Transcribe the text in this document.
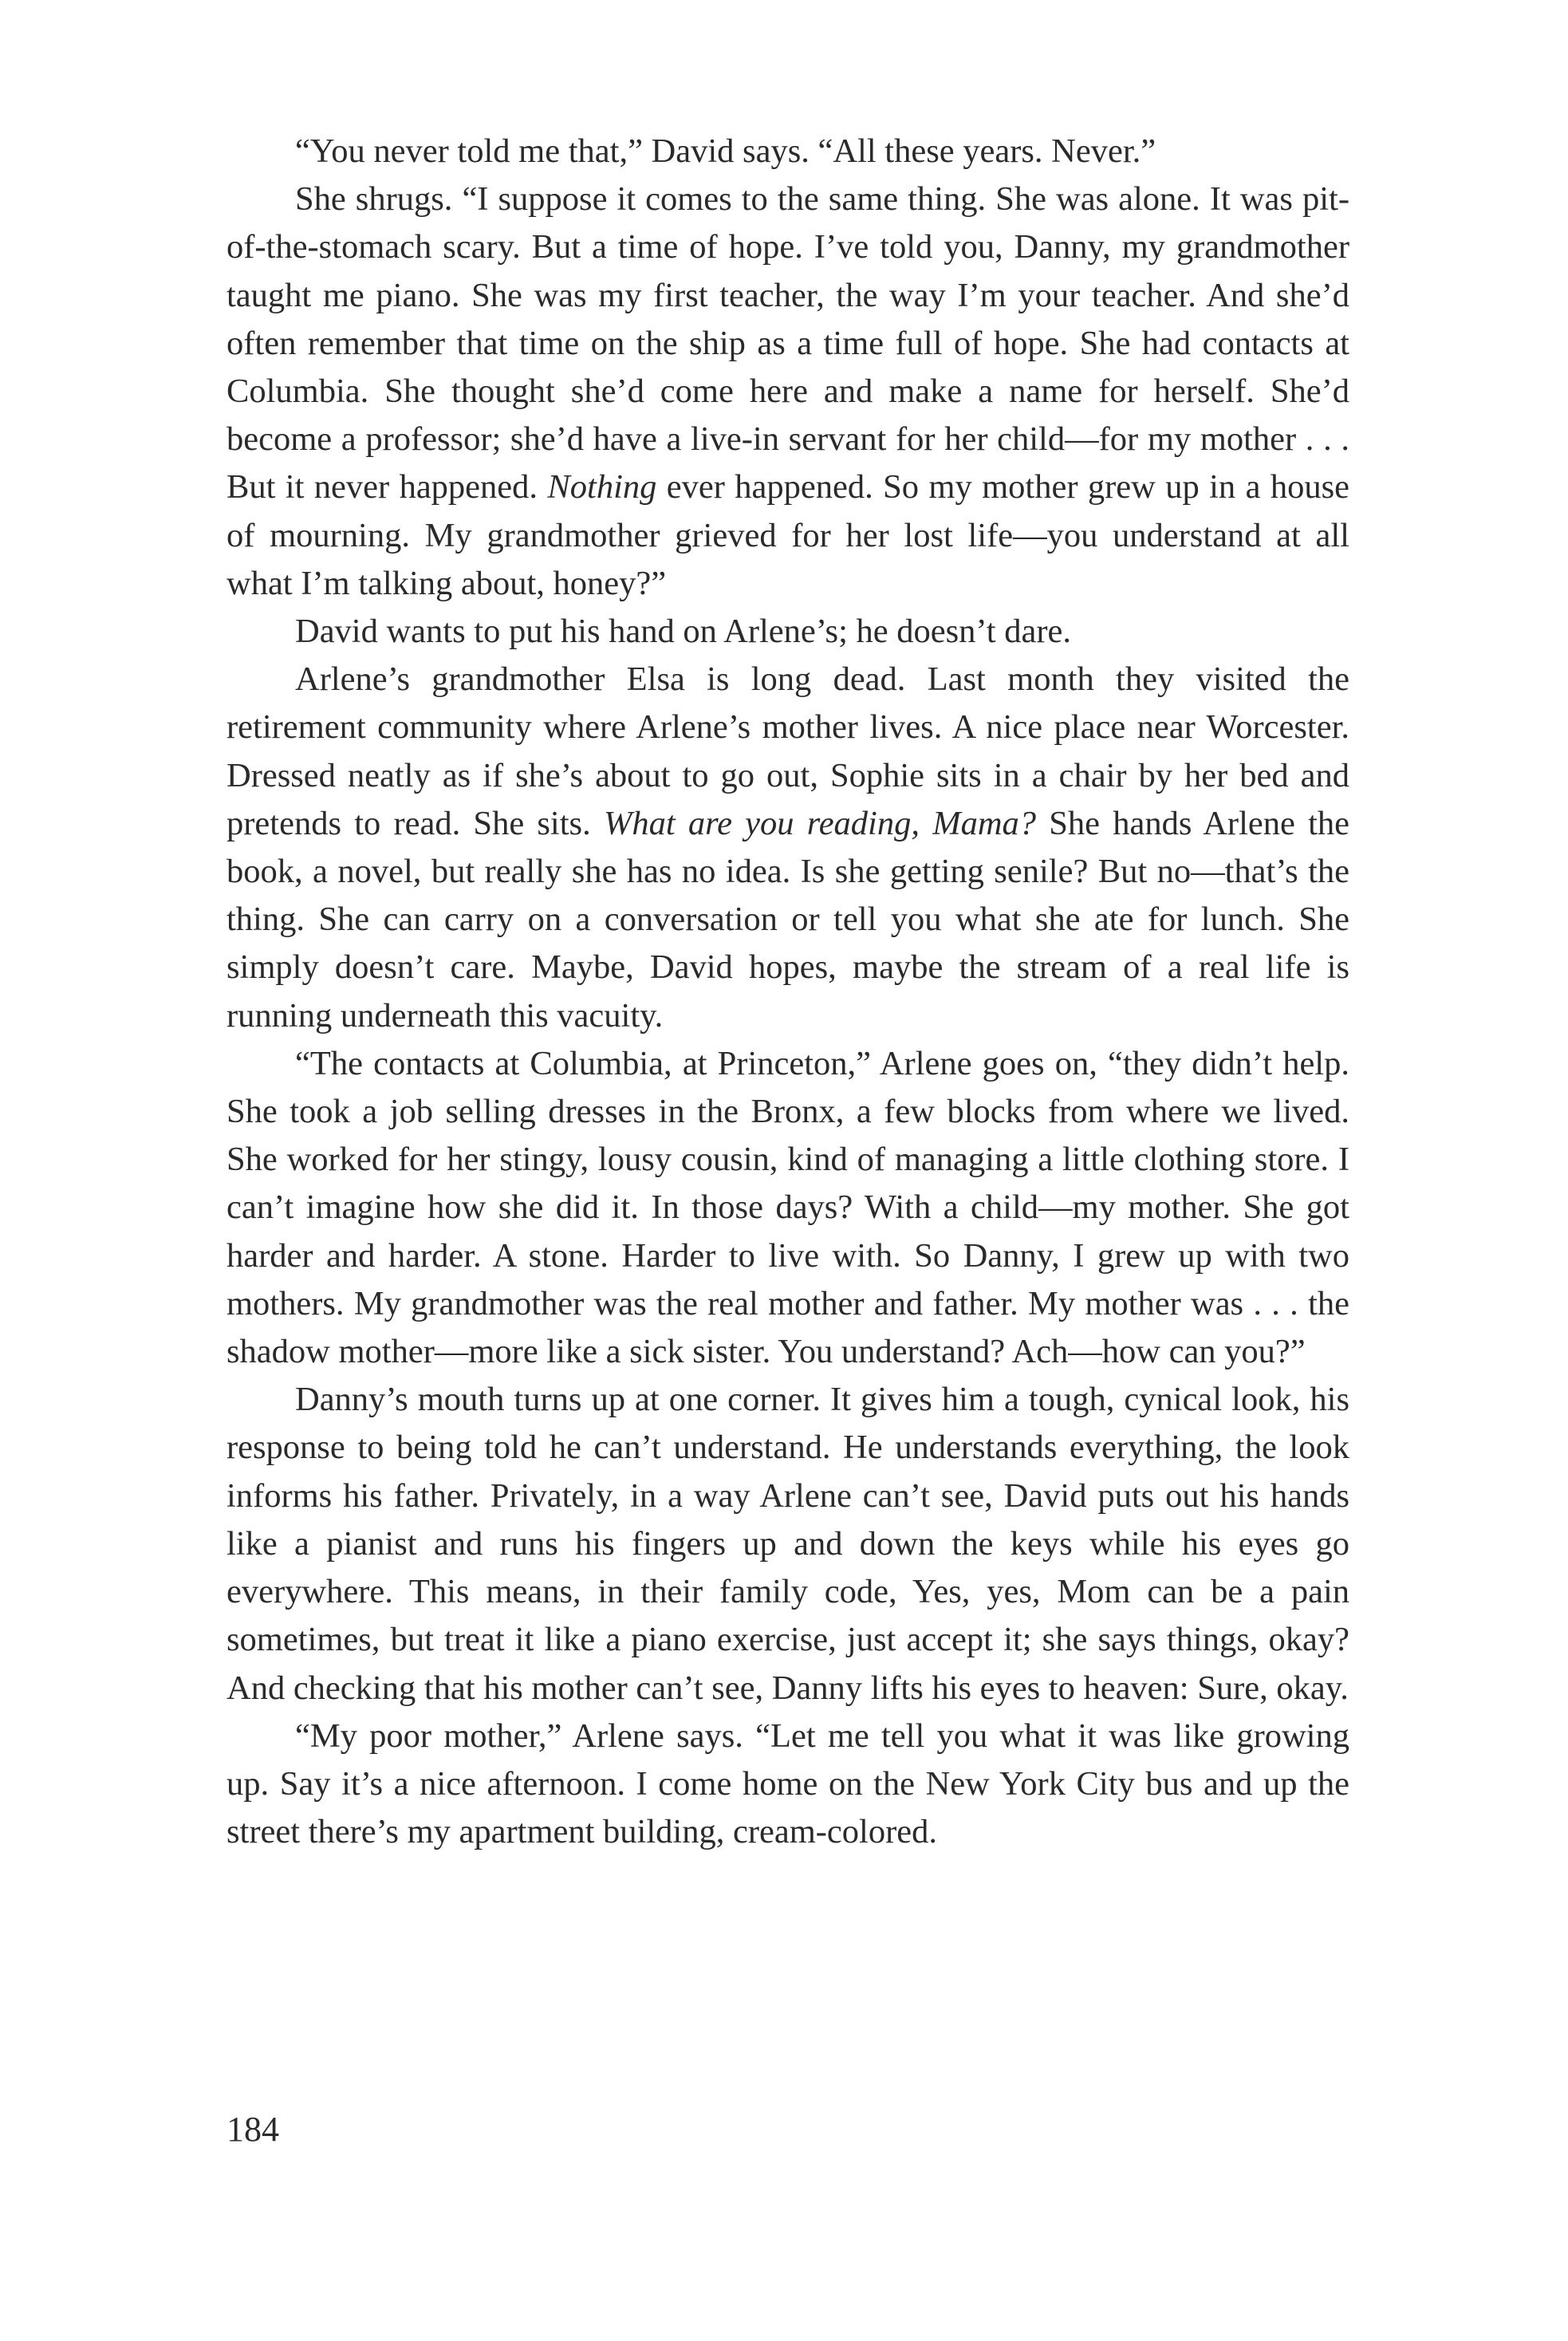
“You never told me that,” David says. “All these years. Never.”

She shrugs. “I suppose it comes to the same thing. She was alone. It was pit-of-the-stomach scary. But a time of hope. I’ve told you, Danny, my grandmother taught me piano. She was my first teacher, the way I’m your teacher. And she’d often remember that time on the ship as a time full of hope. She had contacts at Columbia. She thought she’d come here and make a name for herself. She’d become a professor; she’d have a live-in servant for her child—for my mother . . . But it never happened. Nothing ever happened. So my mother grew up in a house of mourning. My grandmother grieved for her lost life—you understand at all what I’m talking about, honey?”

David wants to put his hand on Arlene’s; he doesn’t dare.

Arlene’s grandmother Elsa is long dead. Last month they visited the retirement community where Arlene’s mother lives. A nice place near Worcester. Dressed neatly as if she’s about to go out, Sophie sits in a chair by her bed and pretends to read. She sits. What are you reading, Mama? She hands Arlene the book, a novel, but really she has no idea. Is she getting senile? But no—that’s the thing. She can carry on a conversation or tell you what she ate for lunch. She simply doesn’t care. Maybe, David hopes, maybe the stream of a real life is running underneath this vacuity.

“The contacts at Columbia, at Princeton,” Arlene goes on, “they didn’t help. She took a job selling dresses in the Bronx, a few blocks from where we lived. She worked for her stingy, lousy cousin, kind of managing a little clothing store. I can’t imagine how she did it. In those days? With a child—my mother. She got harder and harder. A stone. Harder to live with. So Danny, I grew up with two mothers. My grandmother was the real mother and father. My mother was . . . the shadow mother—more like a sick sister. You understand? Ach—how can you?”

Danny’s mouth turns up at one corner. It gives him a tough, cynical look, his response to being told he can’t understand. He understands everything, the look informs his father. Privately, in a way Arlene can’t see, David puts out his hands like a pianist and runs his fingers up and down the keys while his eyes go everywhere. This means, in their family code, Yes, yes, Mom can be a pain sometimes, but treat it like a piano exercise, just accept it; she says things, okay? And checking that his mother can’t see, Danny lifts his eyes to heaven: Sure, okay.

“My poor mother,” Arlene says. “Let me tell you what it was like growing up. Say it’s a nice afternoon. I come home on the New York City bus and up the street there’s my apartment building, cream-colored.

184
